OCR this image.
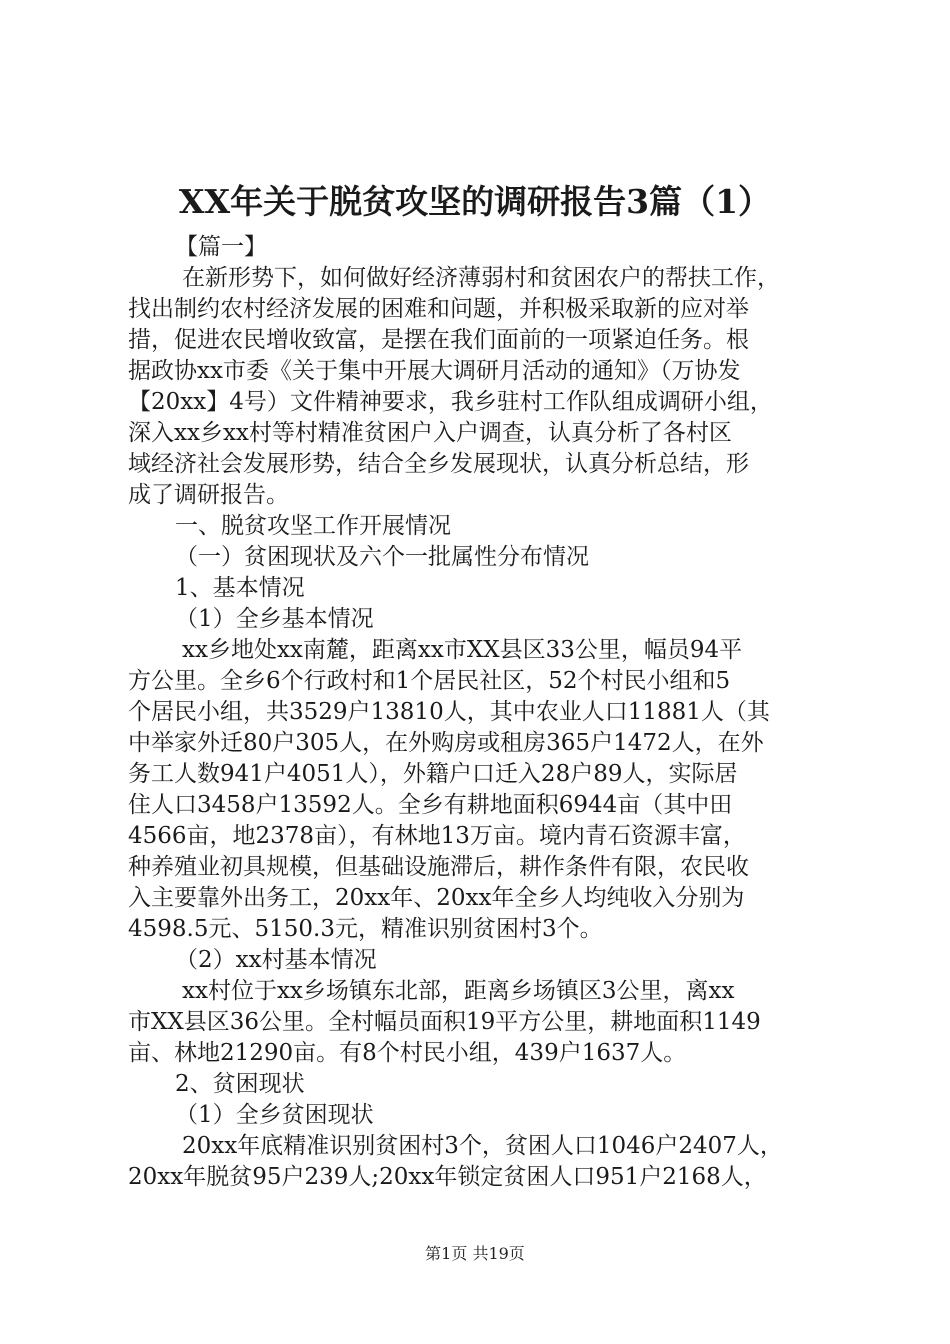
XX年关于脱贫攻坚的调研报告3篇（1）
【篇一】
在新形势下，如何做好经济薄弱村和贫困农户的帮扶工作，
找出制约农村经济发展的困难和问题，并积极采取新的应对举
措，促进农民增收致富，是摆在我们面前的一项紧迫任务。根
据政协xx市委《关于集中开展大调研月活动的通知》（万协发
【20xx】4号）文件精神要求，我乡驻村工作队组成调研小组，
深入xx乡xx村等村精准贫困户入户调查，认真分析了各村区
域经济社会发展形势，结合全乡发展现状，认真分析总结，形
成了调研报告。
一、脱贫攻坚工作开展情况
（一）贫困现状及六个一批属性分布情况
1、基本情况
（1）全乡基本情况
xx乡地处xx南麓，距离xx市XX县区33公里，幅员94平
方公里。全乡6个行政村和1个居民社区，52个村民小组和5
个居民小组，共3529户13810人，其中农业人口11881人（其
中举家外迁80户305人，在外购房或租房365户1472人，在外
务工人数941户4051人），外籍户口迁入28户89人，实际居
住人口3458户13592人。全乡有耕地面积6944亩（其中田
4566亩，地2378亩），有林地13万亩。境内青石资源丰富，
种养殖业初具规模，但基础设施滞后，耕作条件有限，农民收
入主要靠外出务工，20xx年、20xx年全乡人均纯收入分别为
4598.5元、5150.3元，精准识别贫困村3个。
（2）xx村基本情况
xx村位于xx乡场镇东北部，距离乡场镇区3公里，离xx
市XX县区36公里。全村幅员面积19平方公里，耕地面积1149
亩、林地21290亩。有8个村民小组，439户1637人。
2、贫困现状
（1）全乡贫困现状
20xx年底精准识别贫困村3个，贫困人口1046户2407人，
20xx年脱贫95户239人;20xx年锁定贫困人口951户2168人，
第1页 共19页
